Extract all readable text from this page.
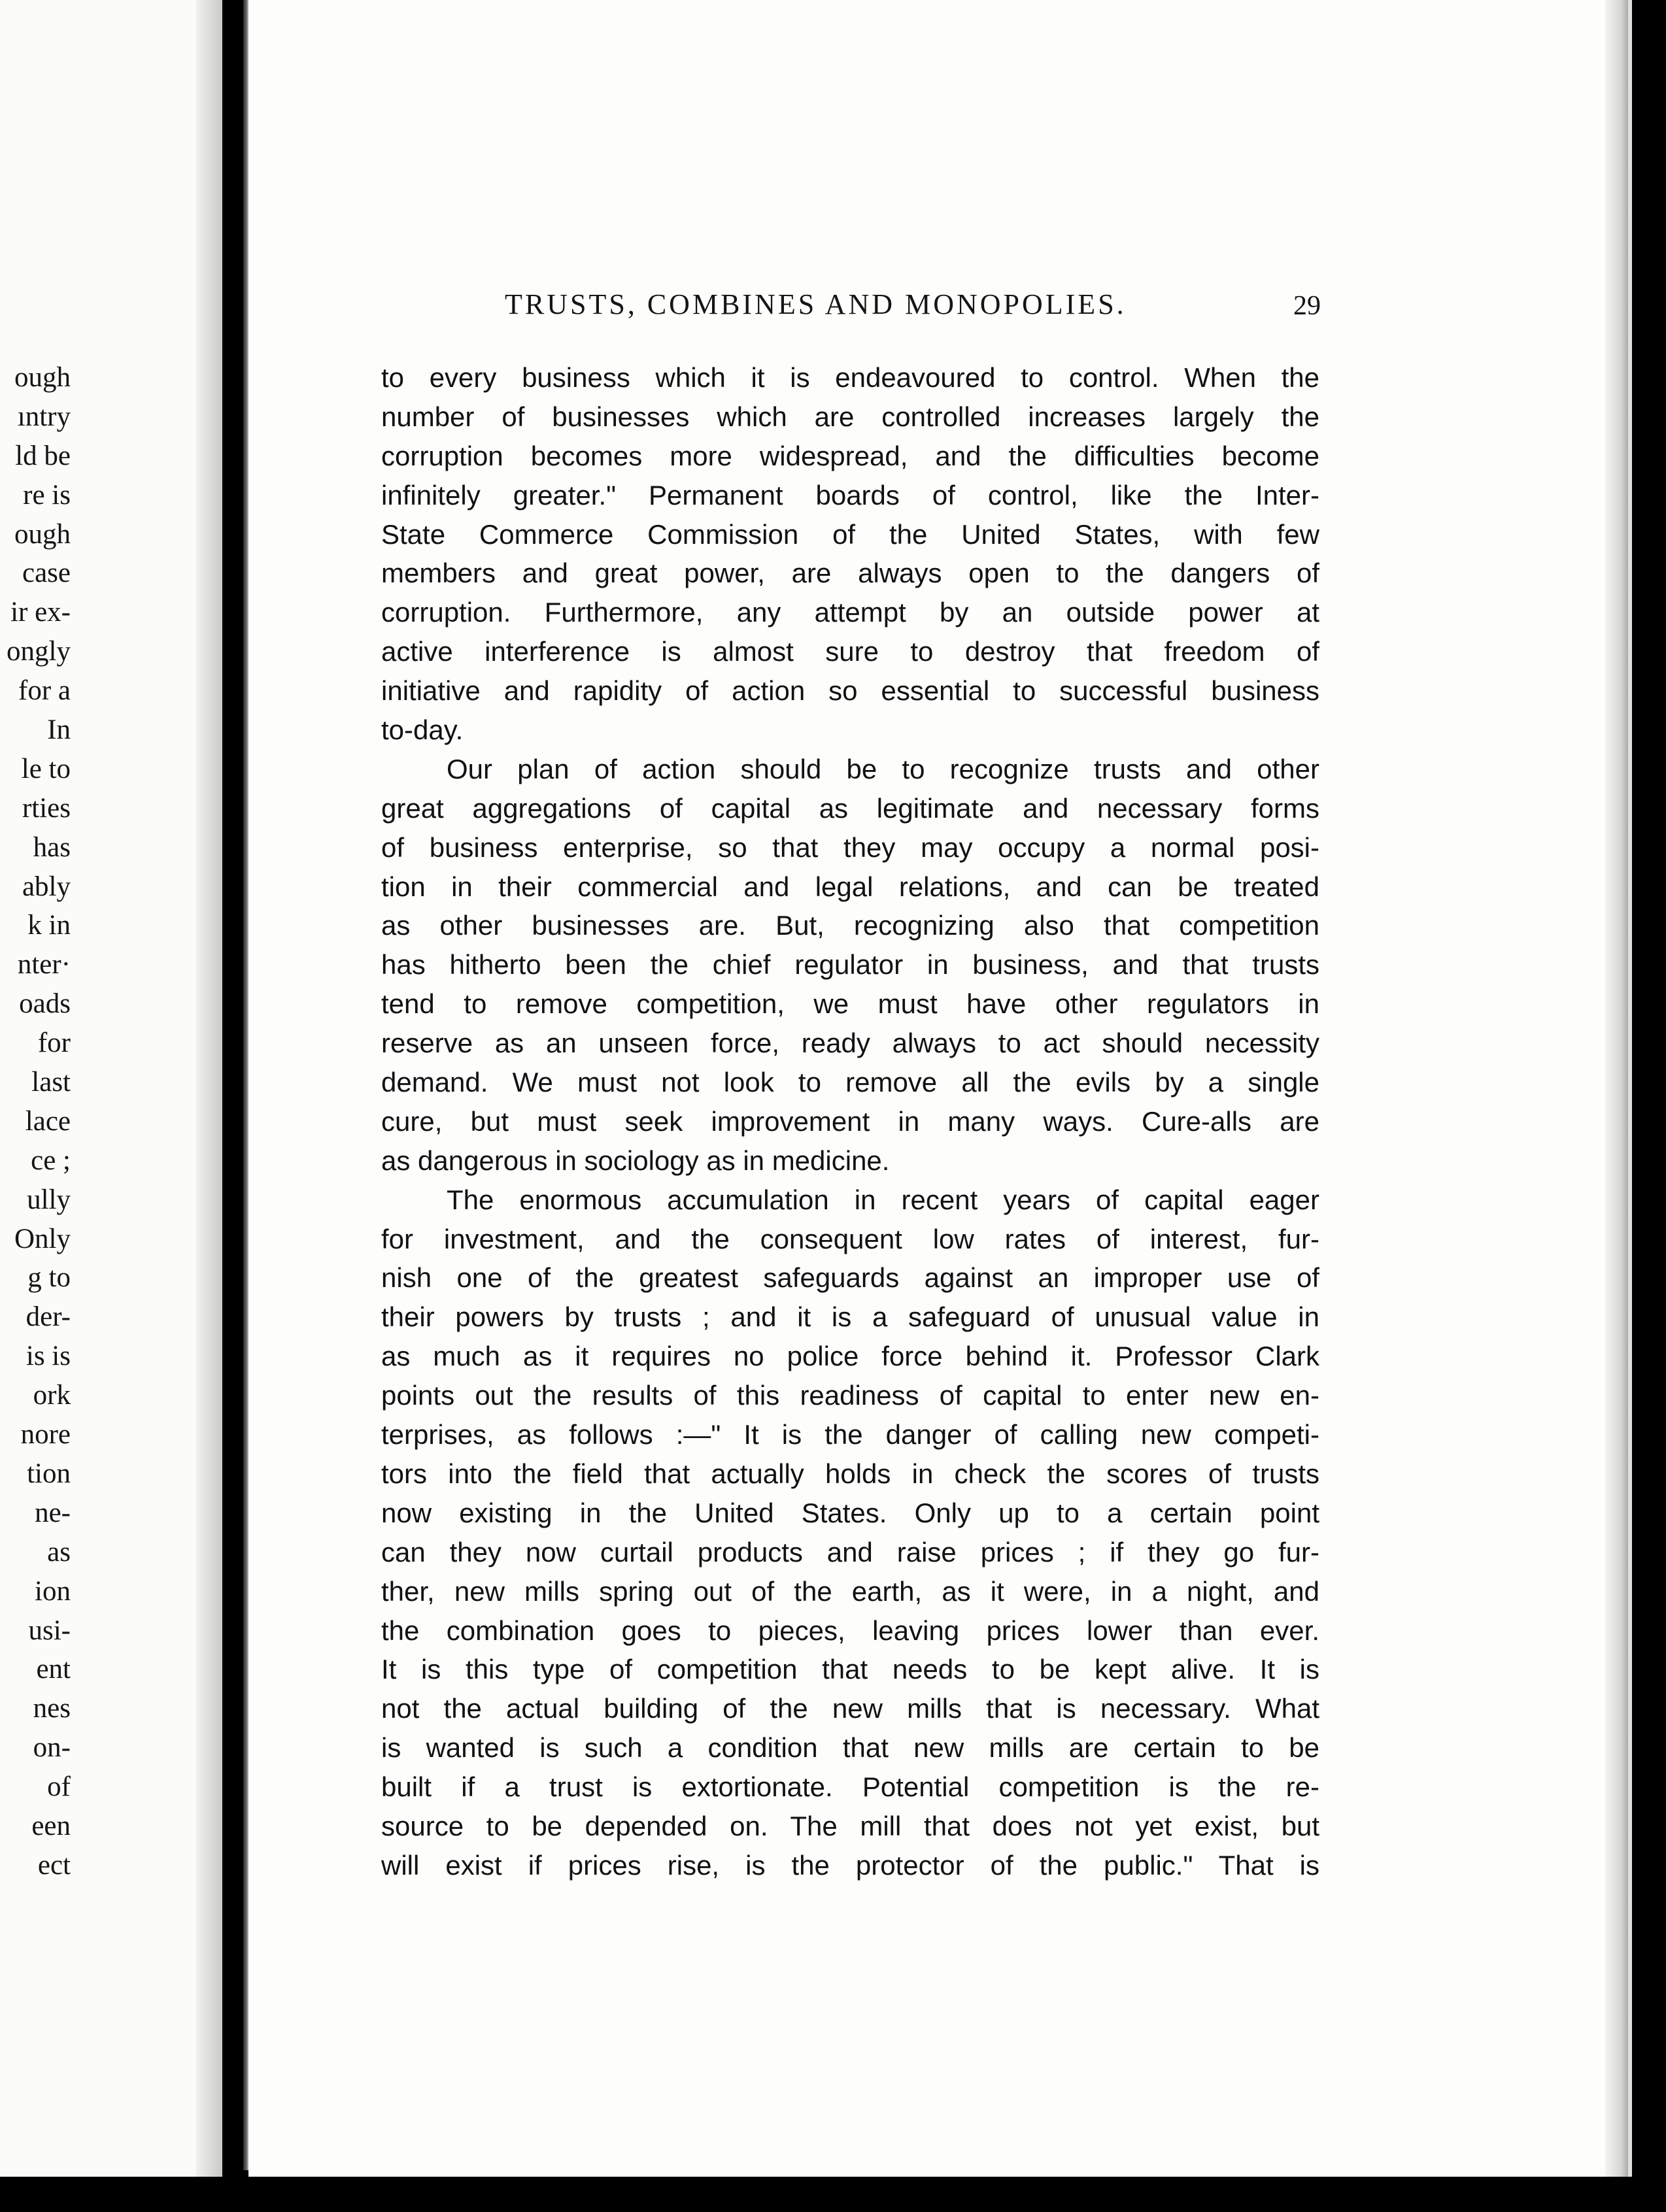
ough
ıntry
ld be
re is
ough
case
ir ex-
ongly
for a
In
le to
rties
has
ably
k in
nter·
oads
for
last
lace
ce ;
ully
Only
g to
der-
is is
ork
nore
tion
ne-
as
ion
usi-
ent
nes
on-
of
een
ect
TRUSTS, COMBINES AND MONOPOLIES.	29
to every business which it is endeavoured to control. When the
number of businesses which are controlled increases largely the
corruption becomes more widespread, and the difficulties become
infinitely greater." Permanent boards of control, like the Inter-
State Commerce Commission of the United States, with few
members and great power, are always open to the dangers of
corruption. Furthermore, any attempt by an outside power at
active interference is almost sure to destroy that freedom of
initiative and rapidity of action so essential to successful business
to-day.
Our plan of action should be to recognize trusts and other
great aggregations of capital as legitimate and necessary forms
of business enterprise, so that they may occupy a normal posi-
tion in their commercial and legal relations, and can be treated
as other businesses are. But, recognizing also that competition
has hitherto been the chief regulator in business, and that trusts
tend to remove competition, we must have other regulators in
reserve as an unseen force, ready always to act should necessity
demand. We must not look to remove all the evils by a single
cure, but must seek improvement in many ways. Cure-alls are
as dangerous in sociology as in medicine.
The enormous accumulation in recent years of capital eager
for investment, and the consequent low rates of interest, fur-
nish one of the greatest safeguards against an improper use of
their powers by trusts ; and it is a safeguard of unusual value in
as much as it requires no police force behind it. Professor Clark
points out the results of this readiness of capital to enter new en-
terprises, as follows :—" It is the danger of calling new competi-
tors into the field that actually holds in check the scores of trusts
now existing in the United States. Only up to a certain point
can they now curtail products and raise prices ; if they go fur-
ther, new mills spring out of the earth, as it were, in a night, and
the combination goes to pieces, leaving prices lower than ever.
It is this type of competition that needs to be kept alive. It is
not the actual building of the new mills that is necessary. What
is wanted is such a condition that new mills are certain to be
built if a trust is extortionate. Potential competition is the re-
source to be depended on. The mill that does not yet exist, but
will exist if prices rise, is the protector of the public." That is
